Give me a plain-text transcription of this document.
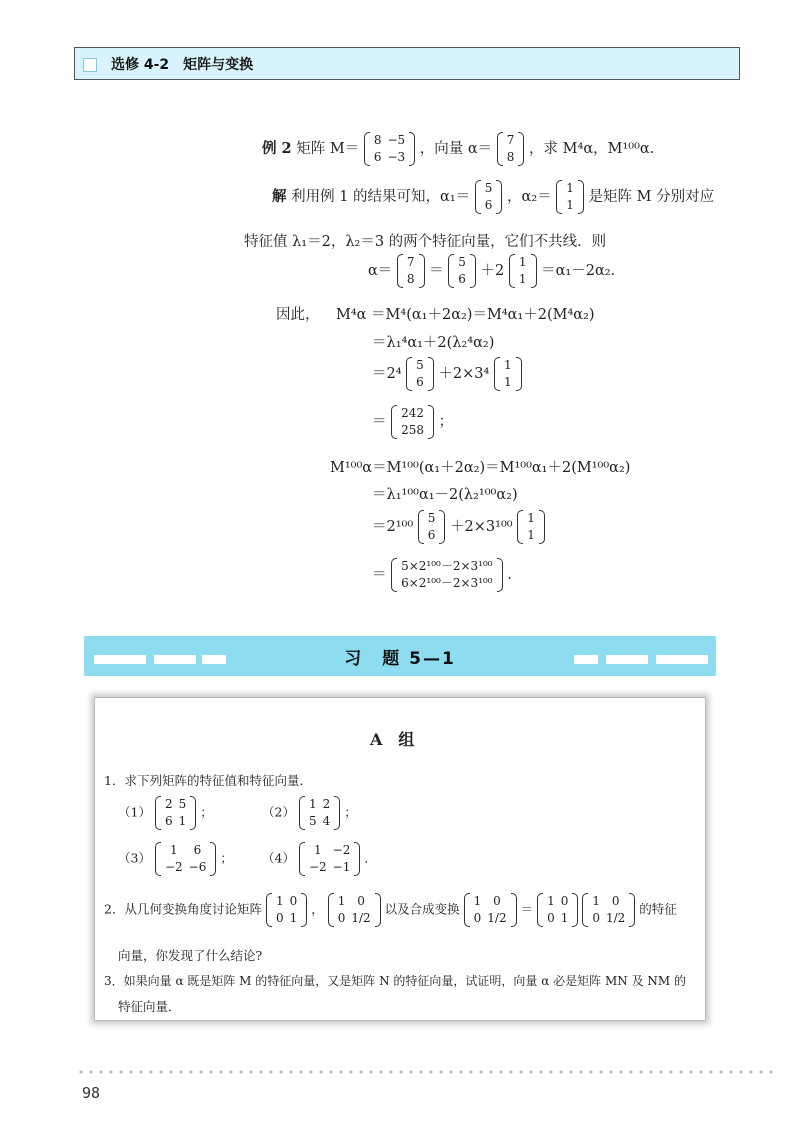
选修 4-2　矩阵与变换
例 2 矩阵 M＝
8	−5
6	−3 ，向量 α＝
7
8 ，求 M⁴α，M¹⁰⁰α.
解 利用例 1 的结果可知，α₁＝
5
6 ，α₂＝
1
1 是矩阵 M 分别对应
特征值 λ₁＝2，λ₂＝3 的两个特征向量，它们不共线．则
α＝
7
8 ＝
5
6 ＋2
1
1 ＝α₁－2α₂.
因此， M⁴α ＝M⁴(α₁＋2α₂)＝M⁴α₁＋2(M⁴α₂)
＝λ₁⁴α₁＋2(λ₂⁴α₂)
＝2⁴
5
6 ＋2×3⁴
1
1
＝
242
258 ；
M¹⁰⁰α＝M¹⁰⁰(α₁＋2α₂)＝M¹⁰⁰α₁＋2(M¹⁰⁰α₂)
＝λ₁¹⁰⁰α₁－2(λ₂¹⁰⁰α₂)
＝2¹⁰⁰
5
6 ＋2×3¹⁰⁰
1
1
＝
5×2¹⁰⁰－2×3¹⁰⁰
6×2¹⁰⁰－2×3¹⁰⁰ .
习　题 5—1
A　组
1．求下列矩阵的特征值和特征向量．
（1）
2	5
6	1
；	（2）
1	2
5	4
；
（3）
1	6
−2	−6
； （4）
1	−2
−2	−1
．
2．从几何变换角度讨论矩阵
1	0
0	1
，
1	0
0	1/2
以及合成变换
1	0
0	1/2
＝
1	0
0	1

1	0
0	1/2
的特征
向量，你发现了什么结论?
3．如果向量 α 既是矩阵 M 的特征向量，又是矩阵 N 的特征向量，试证明，向量 α 必是矩阵 MN 及 NM 的
特征向量．
98
